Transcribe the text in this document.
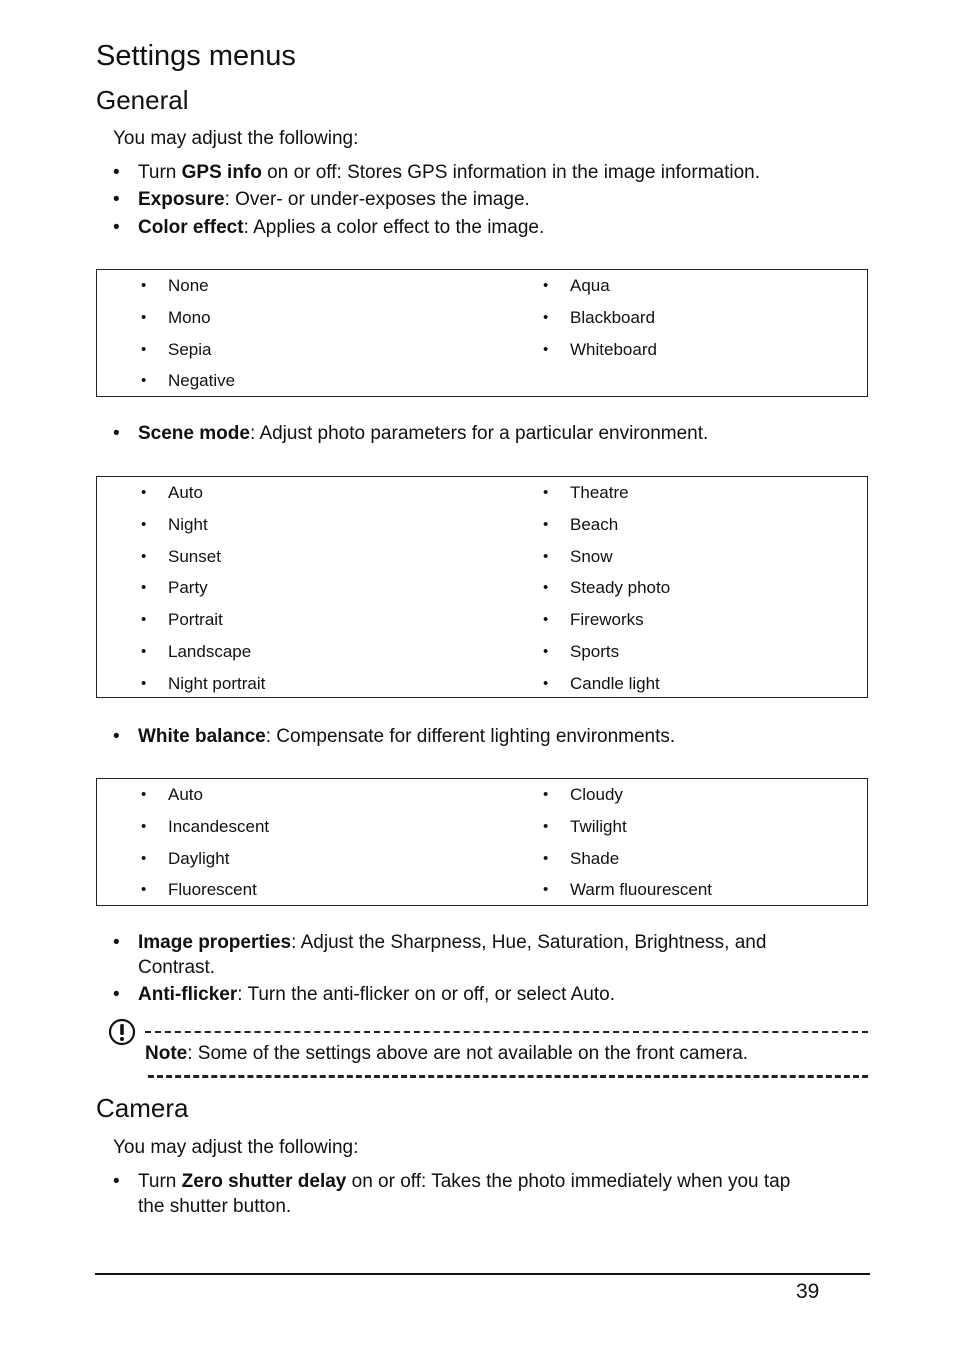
Settings menus
General

You may adjust the following:

• Turn GPS info on or off: Stores GPS information in the image information.
• Exposure: Over- or under-exposes the image.
• Color effect: Applies a color effect to the image.
• None
• Mono
• Sepia
• Negative
• Aqua
• Blackboard
• Whiteboard
• Scene mode: Adjust photo parameters for a particular environment.
• Auto
• Night
• Sunset
• Party
• Portrait
• Landscape
• Night portrait
• Theatre
• Beach
• Snow
• Steady photo
• Fireworks
• Sports
• Candle light
• White balance: Compensate for different lighting environments.
• Auto
• Incandescent
• Daylight
• Fluorescent
• Cloudy
• Twilight
• Shade
• Warm fluourescent
• Image properties: Adjust the Sharpness, Hue, Saturation, Brightness, and Contrast.
• Anti-flicker: Turn the anti-flicker on or off, or select Auto.
Note: Some of the settings above are not available on the front camera.
Camera

You may adjust the following:

• Turn Zero shutter delay on or off: Takes the photo immediately when you tap the shutter button.
39
